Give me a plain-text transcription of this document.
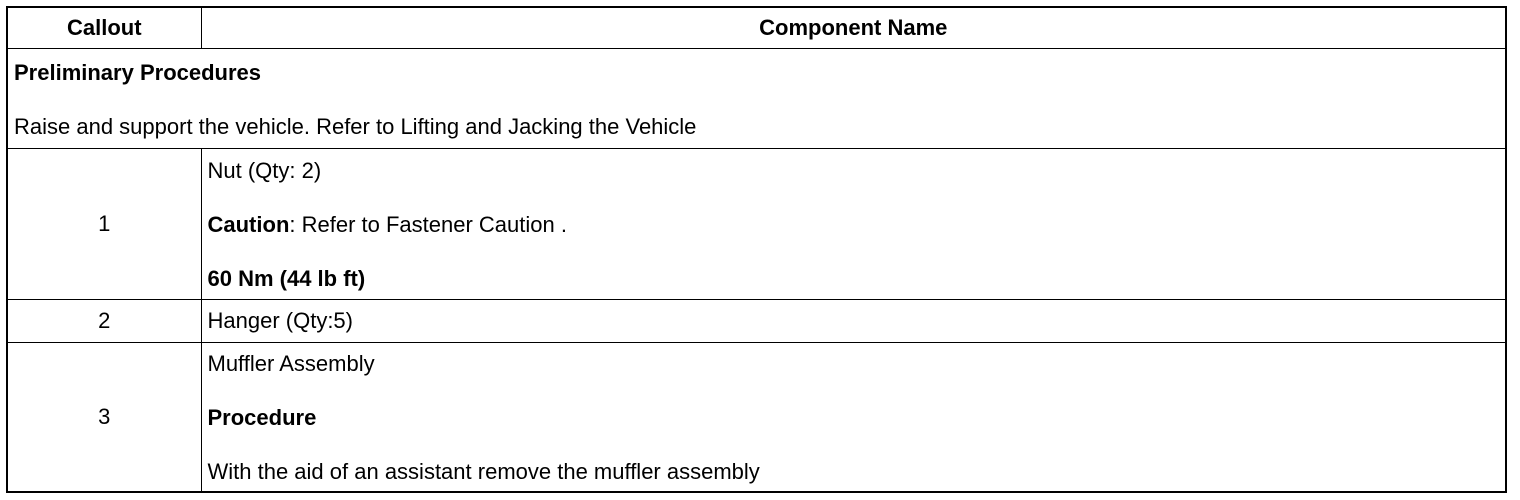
Callout	Component Name

Preliminary Procedures
Raise and support the vehicle. Refer to Lifting and Jacking the Vehicle	

1	Nut (Qty: 2)
Caution: Refer to Fastener Caution .
60 Nm (44 lb ft)

2	Hanger (Qty:5)
3	Muffler Assembly
Procedure
With the aid of an assistant remove the muffler assembly
